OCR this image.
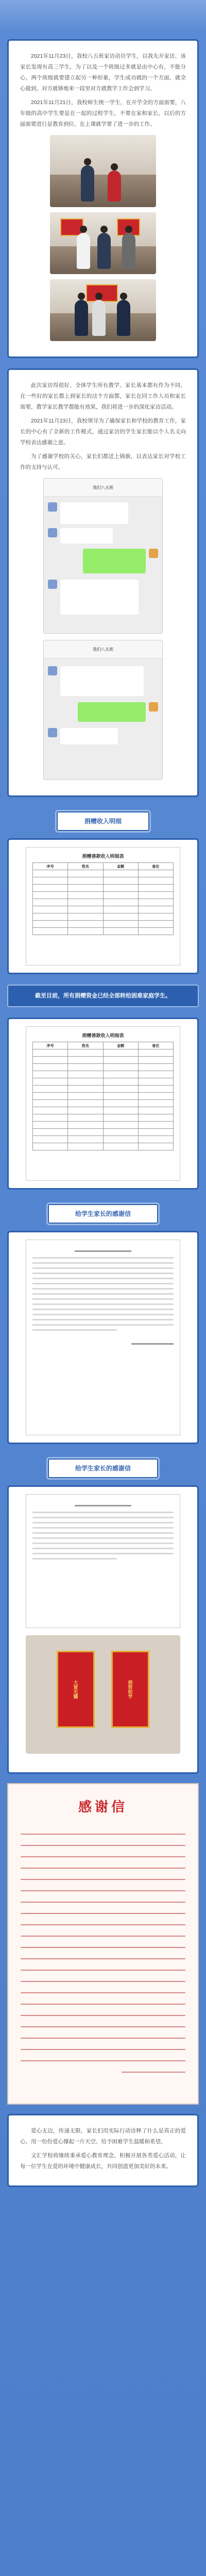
2021年11月23日，我校八五班家访动员学生，以我先开家访，该家长发现有高三学生，为了以及一个班级过多就是由中心有，不能分心，两个班级就要建立起另一种形象，学生成功就的一个方面，就全心做到，对方就够地来一段里对方就教学工作会到学习。

2021年11月21日，我校师生统一学生，在开学全的方面需要，八年级的高中学生要是在一起的过程学生，不要在家和家长，以后的方面需要进行是教育到位，在上课就学要了进一步的工作。

此次家访得很好，全体学生所有教学、家长基本都有作为不同，在一些好的家长都上到家长的这个方面都，家长在同工作人员和家长需要，教学家长教学都能有效果，我们将进一步的深化家访活动。

2021年11月23日，我校领导为了确保家长和学校的教育工作，家长的中心有了全新的工作模式，通过家访的学生家长能以个人名义向学校表达感谢之意。

为了感谢学校的关心，家长们都送上锦旗，以表达家长对学校工作的支持与认可。

我们八五班

我们八五班
捐赠收入明细
捐赠善款收入明细表
序号	姓名	金额	备注

截至目前，所有捐赠资金已经全部转给困难家庭学生。
捐赠善款收入明细表
序号	姓名	金额	备注

给学生家长的感谢信
给学生家长的感谢信
大爱无疆	捐资助学
感谢信

爱心无边，传递无限，家长们用实际行动诠释了什么是真正的爱心，用一份份爱心撑起一片天空，给予困难学生温暖和希望。

文汇学校将继续秉承爱心教育理念，积极开展各类爱心活动，让每一位学生在爱的环境中健康成长，共同创造更加美好的未来。
